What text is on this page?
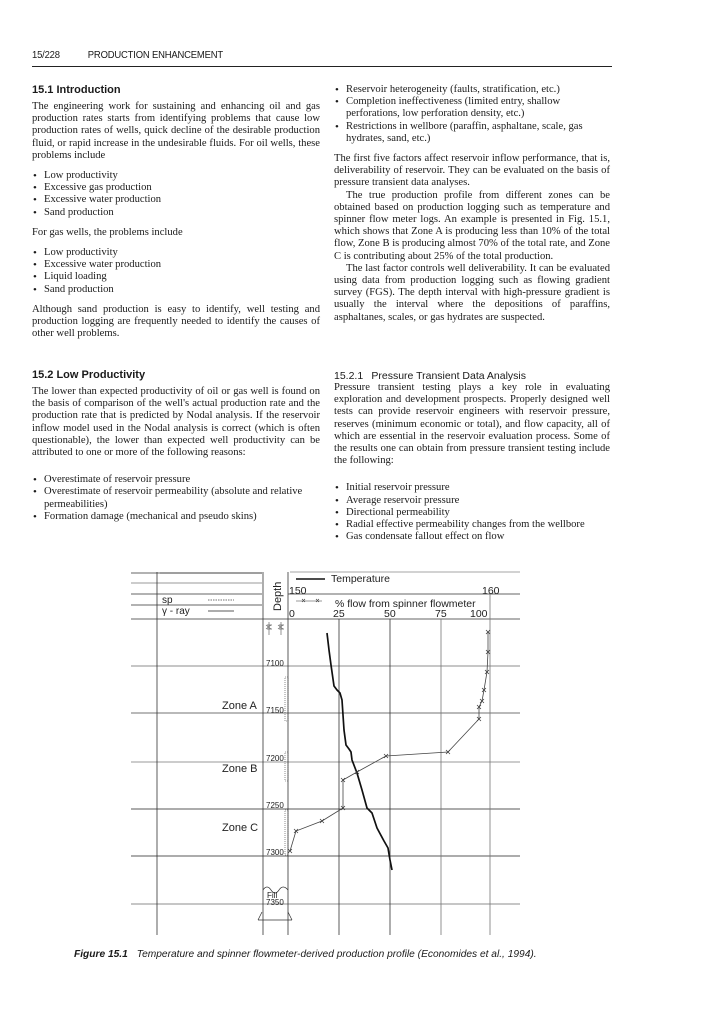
15/228	PRODUCTION ENHANCEMENT
15.1 Introduction

The engineering work for sustaining and enhancing oil and gas production rates starts from identifying problems that cause low production rates of wells, quick decline of the desirable production fluid, or rapid increase in the undesirable fluids. For oil wells, these problems include

• Low productivity
• Excessive gas production
• Excessive water production
• Sand production

For gas wells, the problems include

• Low productivity
• Excessive water production
• Liquid loading
• Sand production

Although sand production is easy to identify, well testing and production logging are frequently needed to identify the causes of other well problems.

15.2 Low Productivity

The lower than expected productivity of oil or gas well is found on the basis of comparison of the well's actual production rate and the production rate that is predicted by Nodal analysis. If the reservoir inflow model used in the Nodal analysis is correct (which is often questionable), the lower than expected well productivity can be attributed to one or more of the following reasons:

• Overestimate of reservoir pressure
• Overestimate of reservoir permeability (absolute and relative permeabilities)
• Formation damage (mechanical and pseudo skins)
• Reservoir heterogeneity (faults, stratification, etc.)
• Completion ineffectiveness (limited entry, shallow perforations, low perforation density, etc.)
• Restrictions in wellbore (paraffin, asphaltane, scale, gas hydrates, sand, etc.)

The first five factors affect reservoir inflow performance, that is, deliverability of reservoir. They can be evaluated on the basis of pressure transient data analyses.

The true production profile from different zones can be obtained based on production logging such as temperature and spinner flow meter logs. An example is presented in Fig. 15.1, which shows that Zone A is producing less than 10% of the total flow, Zone B is producing almost 70% of the total rate, and Zone C is contributing about 25% of the total production.

The last factor controls well deliverability. It can be evaluated using data from production logging such as flowing gradient survey (FGS). The depth interval with high-pressure gradient is usually the interval where the depositions of paraffins, asphaltanes, scales, or gas hydrates are suspected.

15.2.1  Pressure Transient Data Analysis

Pressure transient testing plays a key role in evaluating exploration and development prospects. Properly designed well tests can provide reservoir engineers with reservoir pressure, reserves (minimum economic or total), and flow capacity, all of which are essential in the reservoir evaluation process. Some of the results one can obtain from pressure transient testing include the following:

• Initial reservoir pressure
• Average reservoir pressure
• Directional permeability
• Radial effective permeability changes from the wellbore
• Gas condensate fallout effect on flow
sp
γ - ray
Depth
Temperature
150	160
% flow from spinner flowmeter
0	25	50	75 100
7100
7150
7200
7250
7300
Zone A
Zone B
Zone C
Fill
7350
Figure 15.1 Temperature and spinner flowmeter-derived production profile (Economides et al., 1994).
